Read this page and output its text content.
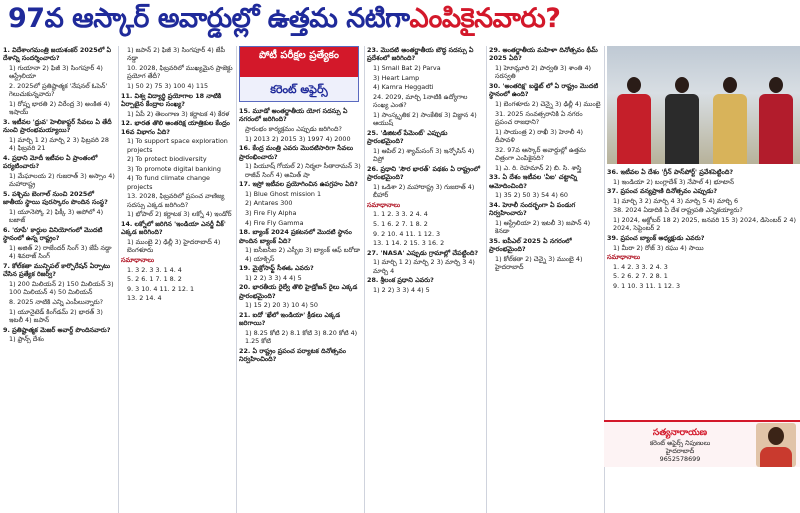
97వ ఆస్కార్ అవార్డుల్లో ఉత్తమ నటిగా ఎంపికైనవారు?

1. విదేశాంగమంత్రి జయశంకర్ 2025లో ఏ దేశాన్ని సందర్శించారు?

1) గుయానా 2) ఫిజీ 3) సింగపూర్ 4) ఆస్ట్రేలియా

2. 2025లో ప్రతిష్టాత్మక 'నేషనల్ ఓపెన్' గెలుచుకున్నవారు?

1) రోష్న భారతి 2) విరేంద్ర 3) అంకిత 4) ఇషాయ్

3. ఇటీవల 'ధ్రువ' హెలికాప్టర్ సేవలు ఏ తేదీ నుంచి ప్రారంభమయ్యాయి?

1) మార్చి 1 2) మార్చి 2 3) ఫిబ్రవరి 28 4) ఫిబ్రవరి 21

4. ప్రధాని మోదీ ఇటీవల ఏ ప్రాంతంలో పర్యటించారు?

1) మేఘాలయ 2) గుజరాత్ 3) అస్సాం 4) మహారాష్ట్ర

5. పశ్చిమ బెంగాల్ నుంచి 2025లో జాతీయ స్థాయి పురస్కారం పొందిన సంస్థ?

1) యూనెస్కో 2) ఫిక్కీ 3) అపోలో 4) బజాజ్

6. 'రూపే' కార్డుల వినియోగంలో మొదటి స్థానంలో ఉన్న రాష్ట్రం?

1) అజిత్ 2) రాజేందర్ సింగ్ 3) జేపీ నడ్డా 4) శివరాజ్ సింగ్

7. కోల్‌కతా మున్సిపల్ కార్పొరేషన్ ఏర్పాటు చేసిన ప్రత్యేక రిజర్వ్?

1) 200 మిలియన్ 2) 150 మిలియన్ 3) 100 మిలియన్ 4) 50 మిలియన్

8. 2025 నాటికి ఎన్ని ఎంపీలున్నారు?

1) యూనైటెడ్ కింగ్‌డమ్ 2) భారత్ 3) ఇటలీ 4) జపాన్

9. ప్రతిష్టాత్మక మెజర్ అవార్డ్ పొందినవారు?

1) ఫ్రాన్స్ దేశం

1) జపాన్ 2) ఫిజీ 3) సింగపూర్ 4) జేపీ నడ్డా

10. 2028, ఫిబ్రవరిలో ముఖ్యమైన ప్రాజెక్టు ప్రయోగ తేదీ?

1) 50 2) 75 3) 100 4) 115

11. విశ్వ విద్యార్థి ప్రయోగాల 18 నాటికి ఏర్పాటైన కేంద్రాల సంఖ్య?

1) ఏపీ 2) తెలంగాణ 3) కర్ణాటక 4) కేరళ

12. భారత తొలి అంతరిక్ష యాత్రికుల కేంద్రం 16వ విభాగం ఏది?

1) To support space exploration projects

2) To protect biodiversity

3) To promote digital banking

4) To fund climate change projects

13. 2028, ఫిబ్రవరిలో ప్రపంచ వాణిజ్య సదస్సు ఎక్కడ జరిగింది?

1) భోపాల్ 2) కర్ణాటక 3) లక్నో 4) ఇండోర్

14. లక్నోలో జరిగిన 'ఇండియా ఎనర్జీ వీక్' ఎక్కడ జరిగింది?

1) ముంబై 2) ఢిల్లీ 3) హైదరాబాద్ 4) బెంగళూరు

సమాధానాలు

1. 3 2. 3 3. 1 4. 4

5. 2 6. 1 7. 1 8. 2

9. 3 10. 4 11. 2 12. 1

13. 2 14. 4

పోటీ పరీక్షల ప్రత్యేకం
కరెంట్ అఫైర్స్

15. మూడో అంతర్జాతీయ యోగ సదస్సు ఏ నగరంలో జరిగింది?

ప్రారంభం కార్యక్రమం ఎప్పుడు జరిగింది?

1) 2013 2) 2015 3) 1997 4) 2000

16. కేంద్ర మంత్రి ఎవరు మొదటిసారిగా సేవలు ప్రారంభించారు?

1) పియూష్ గోయల్ 2) నిర్మలా సీతారామన్ 3) రాజీవ్ సింగ్ 4) అమిత్ షా

17. ఇస్రో ఇటీవల ప్రయోగించిన ఉపగ్రహం ఏది?

1) Blue Ghost mission 1

2) Antares 300

3) Fire Fly Alpha

4) Fire Fly Gamma

18. బ్యాంక్ 2024 ప్రకటనలో మొదటి స్థానం పొందిన బ్యాంక్ ఏది?

1) ఐసీఐసీఐ 2) ఎస్బీఐ 3) బ్యాంక్ ఆఫ్ బరోడా 4) యాక్సిస్

19. మైక్రోసాఫ్ట్ సీఈఓ ఎవరు?

1) 2 2) 3 3) 4 4) 5

20. భారతీయ రైల్వే తొలి హైడ్రోజన్ రైలు ఎక్కడ ప్రారంభమైంది?

1) 15 2) 20 3) 10 4) 50

21. ఐదో 'ఖేలో ఇండియా' క్రీడలు ఎక్కడ జరిగాయి?

1) 8.25 కోటి 2) 8.1 కోటి 3) 8.20 కోటి 4) 1.25 కోటి

22. ఏ రాష్ట్రం ప్రపంచ పర్యాటక దినోత్సవం నిర్వహించింది?

23. మొదటి అంతర్జాతీయ బౌద్ధ సదస్సు ఏ ప్రదేశంలో జరిగింది?

1) Small Bat 2) Parva

3) Heart Lamp

4) Kamra Heggadti

24. 2029, మార్చి 1నాటికి ఉద్యోగాల సంఖ్య ఎంత?

1) సాంస్కృతిక 2) సాంకేతిక 3) విజ్ఞాన 4) ఆయుష్

25. 'డిజిటల్ పేమెంట్' ఎప్పుడు ప్రారంభమైంది?

1) ఆపిల్ 2) శ్యామ్‌సంగ్ 3) ఇన్ఫోసిస్ 4) విప్రో

26. ప్రధాని 'సౌర భారత్' పథకం ఏ రాష్ట్రంలో ప్రారంభమైంది?

1) ఒడిశా 2) మహారాష్ట్ర 3) గుజరాత్ 4) బీహార్

సమాధానాలు

1. 1 2. 3 3. 2 4. 4

5. 1 6. 2 7. 1 8. 2

9. 2 10. 4 11. 1 12. 3

13. 1 14. 2 15. 3 16. 2

27. 'NASA' ఎప్పుడు గ్రామాల్లో చేపట్టింది?

1) మార్చి 1 2) మార్చి 2 3) మార్చి 3 4) మార్చి 4

28. శ్రీలంక ప్రధాని ఎవరు?

1) 2 2) 3 3) 4 4) 5

29. అంతర్జాతీయ మహిళా దినోత్సవం థీమ్ 2025 ఏది?

1) హెూమ్లూరి 2) పార్వతి 3) శాంతి 4) సరస్వతి

30. 'అంతరిక్ష' బడ్జెట్ లో ఏ రాష్ట్రం మొదటి స్థానంలో ఉంది?

1) బెంగళూరు 2) చెన్నై 3) ఢిల్లీ 4) ముంబై

31. 2025 సంవత్సరానికి ఏ నగరం ప్రపంచ రాజధాని?

1) సాయంత్ర 2) రాఖీ 3) హెూలీ 4) దీపావళి

32. 97వ ఆస్కార్ అవార్డుల్లో ఉత్తమ చిత్రంగా ఎంపికైనది?

1) ఎ. రి. రెహమాన్ 2) బి. సి. శాస్త్రి

33. ఏ దేశం ఇటీవల 'ఏఐ' చట్టాన్ని ఆమోదించింది?

1) 35 2) 50 3) 54 4) 60

34. హెూలీ సందర్భంగా ఏ పండుగ నిర్వహించారు?

1) ఆస్ట్రేలియా 2) ఇటలీ 3) జపాన్ 4) కెనడా

35. ఐపీఎల్ 2025 ఏ నగరంలో ప్రారంభమైంది?

1) కోల్‌కతా 2) చెన్నై 3) ముంబై 4) హైదరాబాద్

36. ఇటీవల ఏ దేశం 'గ్రీన్ పాస్‌పోర్ట్' ప్రవేశపెట్టింది?

1) ఇండియా 2) బంగ్లాదేశ్ 3) నేపాల్ 4) భూటాన్

37. ప్రపంచ వన్యప్రాణి దినోత్సవం ఎప్పుడు?

1) మార్చి 3 2) మార్చి 4 3) మార్చి 5 4) మార్చి 6

38. 2024 ఏడాదికి ఏ దేశ రాష్ట్రపతి ఎన్నికయ్యారు?

1) 2024, అక్టోబర్ 18 2) 2025, జనవరి 15 3) 2024, డిసెంబర్ 2 4) 2024, సెప్టెంబర్ 2

39. ప్రపంచ బ్యాంక్ అధ్యక్షుడు ఎవరు?

1) మీరా 2) రోజ్ 3) రఘు 4) సాయి

సమాధానాలు

1. 4 2. 3 3. 2 4. 3

5. 2 6. 2 7. 2 8. 1

9. 1 10. 3 11. 1 12. 3

సత్యనారాయణ
కరెంట్ అఫైర్స్ నిపుణులు
హైదరాబాద్
9652578699
